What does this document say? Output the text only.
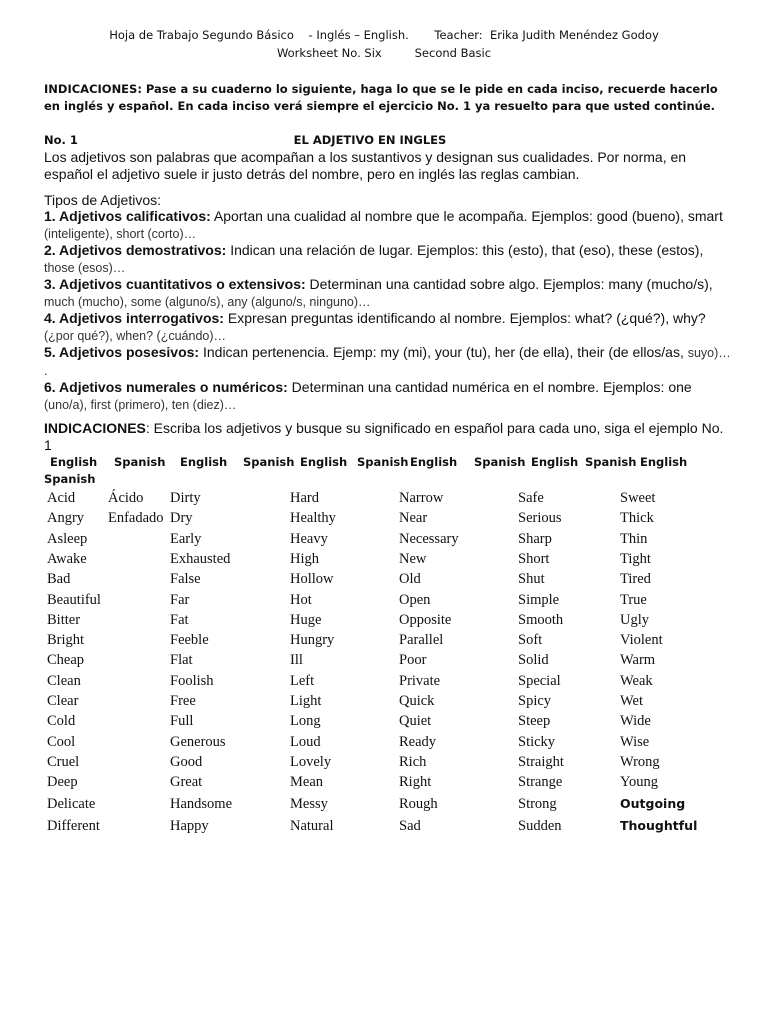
Hoja de Trabajo Segundo Básico    - Inglés – English.       Teacher:  Erika Judith Menéndez Godoy
Worksheet No. Six         Second Basic
INDICACIONES: Pase a su cuaderno lo siguiente, haga lo que se le pide en cada inciso, recuerde hacerlo en inglés y español. En cada inciso verá siempre el ejercicio No. 1 ya resuelto para que usted continúe.
No. 1	EL ADJETIVO EN INGLES
Los adjetivos son palabras que acompañan a los sustantivos y designan sus cualidades. Por norma, en español el adjetivo suele ir justo detrás del nombre, pero en inglés las reglas cambian.
Tipos de Adjetivos:
1. Adjetivos calificativos: Aportan una cualidad al nombre que le acompaña. Ejemplos: good (bueno), smart (inteligente), short (corto)…
2. Adjetivos demostrativos: Indican una relación de lugar. Ejemplos: this (esto), that (eso), these (estos), those (esos)…
3. Adjetivos cuantitativos o extensivos: Determinan una cantidad sobre algo. Ejemplos: many (mucho/s), much (mucho), some (alguno/s), any (alguno/s, ninguno)…
4. Adjetivos interrogativos: Expresan preguntas identificando al nombre. Ejemplos: what? (¿qué?), why? (¿por qué?), when? (¿cuándo)…
5. Adjetivos posesivos: Indican pertenencia. Ejemp: my (mi), your (tu), her (de ella), their (de ellos/as, suyo)… .
6. Adjetivos numerales o numéricos: Determinan una cantidad numérica en el nombre. Ejemplos: one (uno/a), first (primero), ten (diez)…
INDICACIONES: Escriba los adjetivos y busque su significado en español para cada uno, siga el ejemplo No. 1
English Spanish English Spanish English Spanish English Spanish English Spanish English
Spanish
Acid
Angry
Asleep
Awake
Bad
Beautiful
Bitter
Bright
Cheap
Clean
Clear
Cold
Cool
Cruel
Deep
Delicate
Different
Ácido
Enfadado
Dirty
Dry
Early
Exhausted
False
Far
Fat
Feeble
Flat
Foolish
Free
Full
Generous
Good
Great
Handsome
Happy
Hard
Healthy
Heavy
High
Hollow
Hot
Huge
Hungry
Ill
Left
Light
Long
Loud
Lovely
Mean
Messy
Natural
Narrow
Near
Necessary
New
Old
Open
Opposite
Parallel
Poor
Private
Quick
Quiet
Ready
Rich
Right
Rough
Sad
Safe
Serious
Sharp
Short
Shut
Simple
Smooth
Soft
Solid
Special
Spicy
Steep
Sticky
Straight
Strange
Strong
Sudden
Sweet
Thick
Thin
Tight
Tired
True
Ugly
Violent
Warm
Weak
Wet
Wide
Wise
Wrong
Young
Outgoing
Thoughtful
